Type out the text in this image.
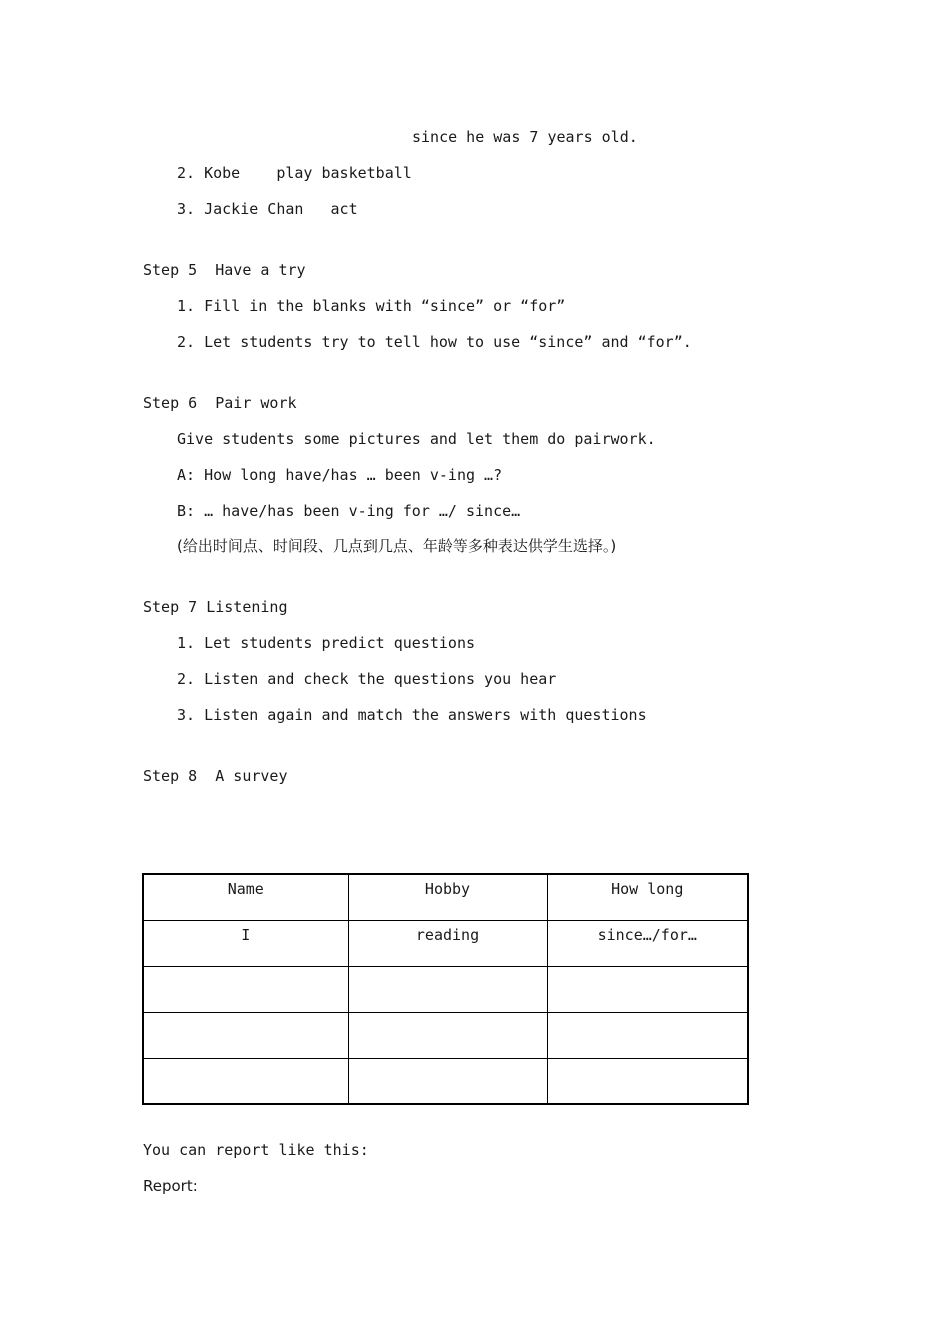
since he was 7 years old.
2. Kobe    play basketball
3. Jackie Chan   act
Step 5  Have a try
1. Fill in the blanks with “since” or “for”
2. Let students try to tell how to use “since” and “for”.
Step 6  Pair work
Give students some pictures and let them do pairwork.
A: How long have/has … been v-ing …?
B: … have/has been v-ing for …/ since…
(给出时间点、时间段、几点到几点、年龄等多种表达供学生选择。)
Step 7 Listening
1. Let students predict questions
2. Listen and check the questions you hear
3. Listen again and match the answers with questions
Step 8  A survey
Name	Hobby	How long
I	reading	since…/for…

You can report like this:
Report:
